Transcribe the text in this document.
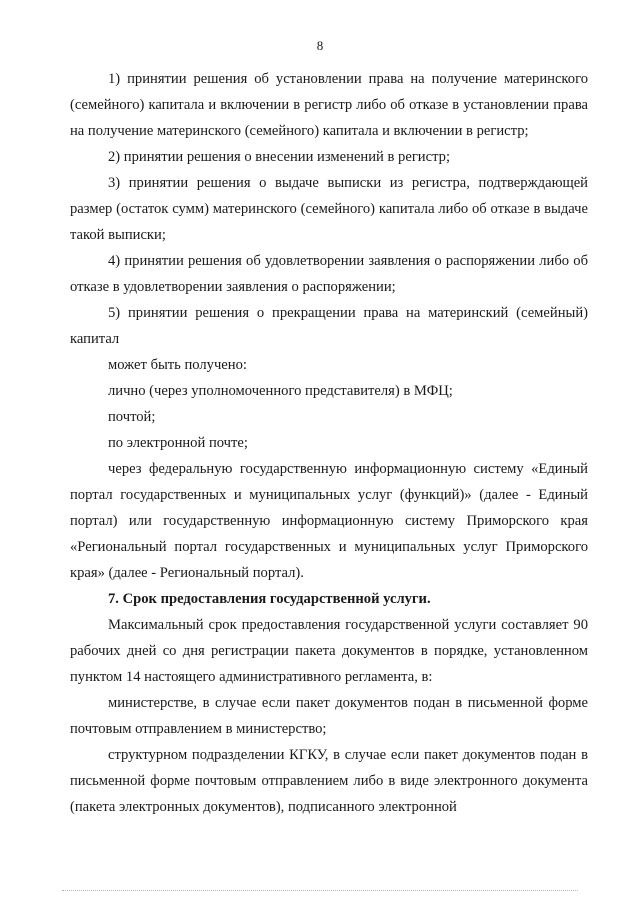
8

1) принятии решения об установлении права на получение материнского (семейного) капитала и включении в регистр либо об отказе в установлении права на получение материнского (семейного) капитала и включении в регистр;

2) принятии решения о внесении изменений в регистр;

3) принятии решения о выдаче выписки из регистра, подтверждающей размер (остаток сумм) материнского (семейного) капитала либо об отказе в выдаче такой выписки;

4) принятии решения об удовлетворении заявления о распоряжении либо об отказе в удовлетворении заявления о распоряжении;

5) принятии решения о прекращении права на материнский (семейный) капитал

может быть получено:

лично (через уполномоченного представителя) в МФЦ;

почтой;

по электронной почте;

через федеральную государственную информационную систему «Единый портал государственных и муниципальных услуг (функций)» (далее - Единый портал) или государственную информационную систему Приморского края «Региональный портал государственных и муниципальных услуг Приморского края» (далее - Региональный портал).

7. Срок предоставления государственной услуги.

Максимальный срок предоставления государственной услуги составляет 90 рабочих дней со дня регистрации пакета документов в порядке, установленном пунктом 14 настоящего административного регламента, в:

министерстве, в случае если пакет документов подан в письменной форме почтовым отправлением в министерство;

структурном подразделении КГКУ, в случае если пакет документов подан в письменной форме почтовым отправлением либо в виде электронного документа (пакета электронных документов), подписанного электронной
